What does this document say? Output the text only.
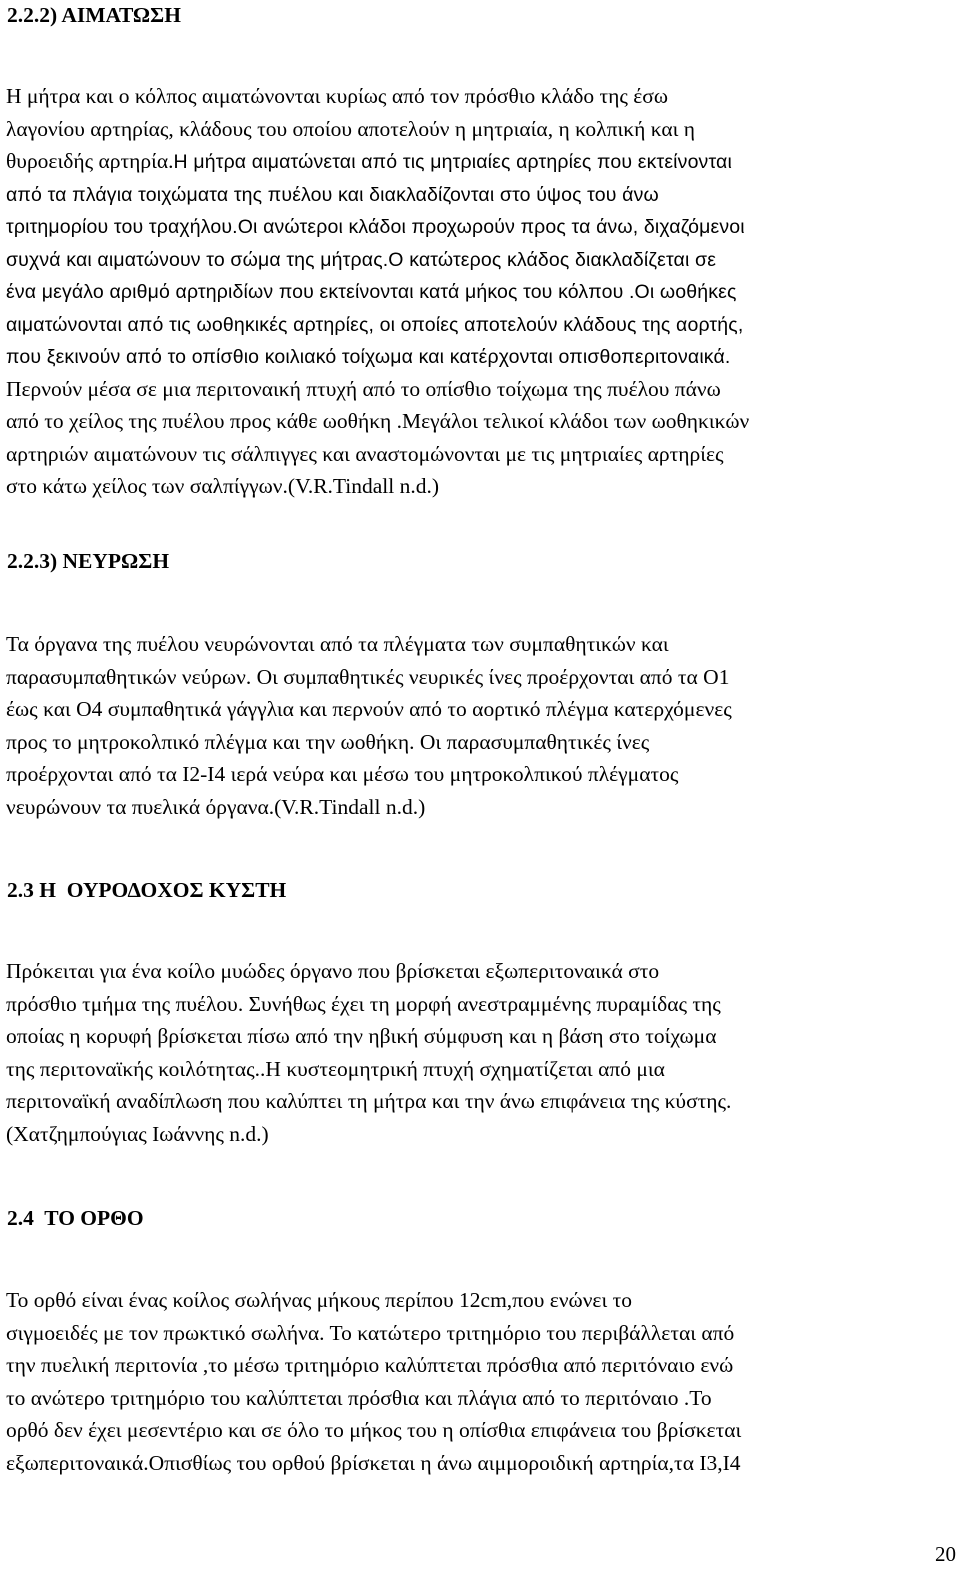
2.2.2) ΑΙΜΑΤΩΣΗ
Η μήτρα και ο κόλπος αιματώνονται κυρίως από τον πρόσθιο κλάδο της έσω
λαγονίου αρτηρίας, κλάδους του οποίου αποτελούν η μητριαία, η κολπική και η
θυροειδής αρτηρία.Η μήτρα αιματώνεται από τις μητριαίες αρτηρίες που εκτείνονται
από τα πλάγια τοιχώματα της πυέλου και διακλαδίζονται στο ύψος του άνω
τριτημορίου του τραχήλου.Οι ανώτεροι κλάδοι προχωρούν προς τα άνω, διχαζόμενοι
συχνά και αιματώνουν το σώμα της μήτρας.Ο κατώτερος κλάδος διακλαδίζεται σε
ένα μεγάλο αριθμό αρτηριδίων που εκτείνονται κατά μήκος του κόλπου .Οι ωοθήκες
αιματώνονται από τις ωοθηκικές αρτηρίες, οι οποίες αποτελούν κλάδους της αορτής,
που ξεκινούν από το οπίσθιο κοιλιακό τοίχωμα και κατέρχονται οπισθοπεριτοναικά.
Περνούν μέσα σε μια περιτοναική πτυχή από το οπίσθιο τοίχωμα της πυέλου πάνω
από το χείλος της πυέλου προς κάθε ωοθήκη .Μεγάλοι τελικοί κλάδοι των ωοθηκικών
αρτηριών αιματώνουν τις σάλπιγγες και αναστομώνονται με τις μητριαίες αρτηρίες
στο κάτω χείλος των σαλπίγγων.(V.R.Tindall n.d.)
2.2.3) ΝΕΥΡΩΣΗ
Τα όργανα της πυέλου νευρώνονται από τα πλέγματα των συμπαθητικών και
παρασυμπαθητικών νεύρων. Οι συμπαθητικές νευρικές ίνες προέρχονται από τα Ο1
έως και Ο4 συμπαθητικά γάγγλια και περνούν από το αορτικό πλέγμα κατερχόμενες
προς το μητροκολπικό πλέγμα και την ωοθήκη. Οι παρασυμπαθητικές ίνες
προέρχονται από τα Ι2-Ι4 ιερά νεύρα και μέσω του μητροκολπικού πλέγματος
νευρώνουν τα πυελικά όργανα.(V.R.Tindall n.d.)
2.3 Η  ΟΥΡΟΔΟΧΟΣ ΚΥΣΤΗ
Πρόκειται για ένα κοίλο μυώδες όργανο που βρίσκεται εξωπεριτοναικά στο
πρόσθιο τμήμα της πυέλου. Συνήθως έχει τη μορφή ανεστραμμένης πυραμίδας της
οποίας η κορυφή βρίσκεται πίσω από την ηβική σύμφυση και η βάση στο τοίχωμα
της περιτοναϊκής κοιλότητας..Η κυστεομητρική πτυχή σχηματίζεται από μια
περιτοναϊκή αναδίπλωση που καλύπτει τη μήτρα και την άνω επιφάνεια της κύστης.
(Χατζημπούγιας Ιωάννης n.d.)
2.4  ΤΟ ΟΡΘΟ
Το ορθό είναι ένας κοίλος σωλήνας μήκους περίπου 12cm,που ενώνει το
σιγμοειδές με τον πρωκτικό σωλήνα. Το κατώτερο τριτημόριο του περιβάλλεται από
την πυελική περιτονία ,το μέσω τριτημόριο καλύπτεται πρόσθια από περιτόναιο ενώ
το ανώτερο τριτημόριο του καλύπτεται πρόσθια και πλάγια από το περιτόναιο .Το
ορθό δεν έχει μεσεντέριο και σε όλο το μήκος του η οπίσθια επιφάνεια του βρίσκεται
εξωπεριτοναικά.Οπισθίως του ορθού βρίσκεται η άνω αιμμοροιδική αρτηρία,τα Ι3,Ι4

20
